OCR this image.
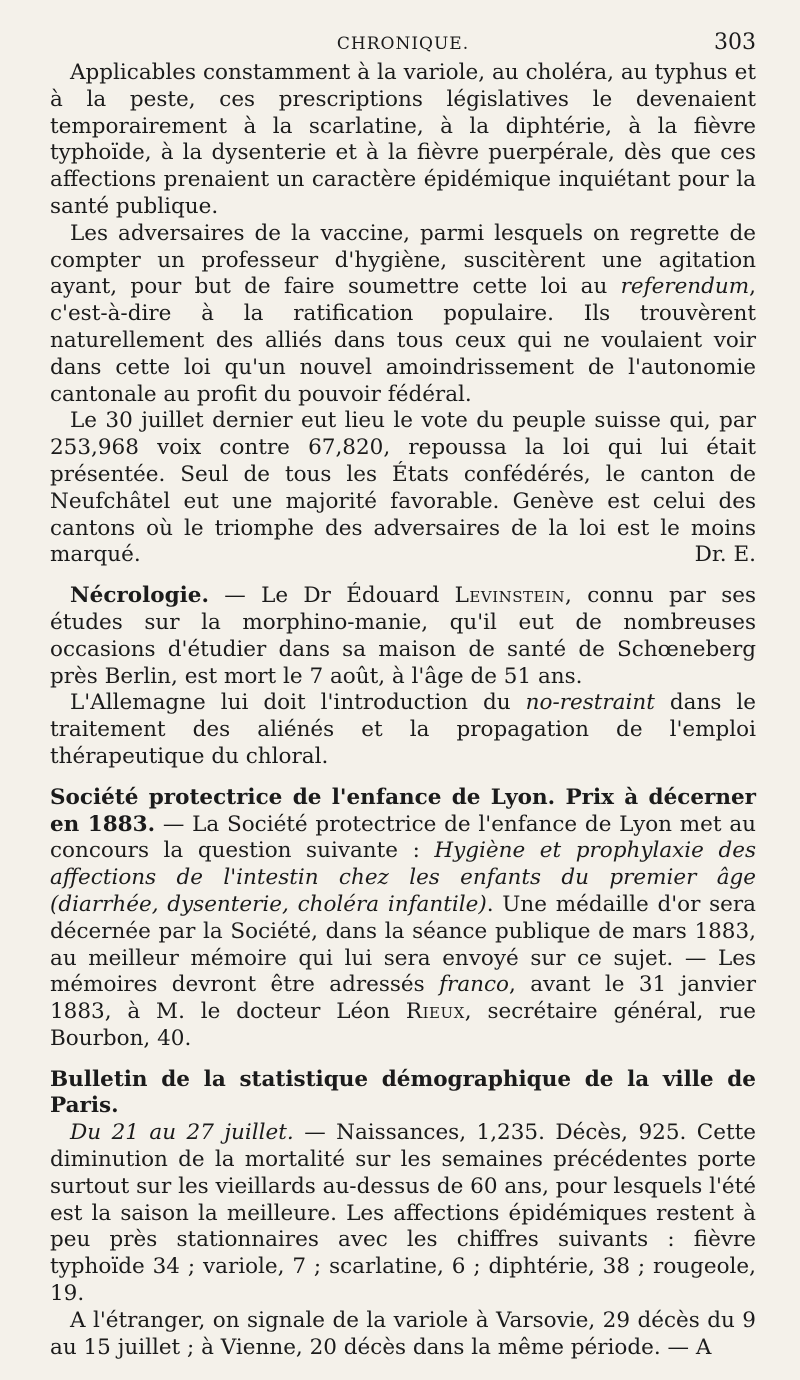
CHRONIQUE.	303

Applicables constamment à la variole, au choléra, au typhus et à la peste, ces prescriptions législatives le devenaient temporairement à la scarlatine, à la diphtérie, à la fièvre typhoïde, à la dysenterie et à la fièvre puerpérale, dès que ces affections prenaient un caractère épidémique inquiétant pour la santé publique.

Les adversaires de la vaccine, parmi lesquels on regrette de compter un professeur d'hygiène, suscitèrent une agitation ayant, pour but de faire soumettre cette loi au referendum, c'est-à-dire à la ratification populaire. Ils trouvèrent naturellement des alliés dans tous ceux qui ne voulaient voir dans cette loi qu'un nouvel amoindrissement de l'autonomie cantonale au profit du pouvoir fédéral.

Le 30 juillet dernier eut lieu le vote du peuple suisse qui, par 253,968 voix contre 67,820, repoussa la loi qui lui était présentée. Seul de tous les États confédérés, le canton de Neufchâtel eut une majorité favorable. Genève est celui des cantons où le triomphe des adversaires de la loi est le moins marqué.	Dr. E.

Nécrologie. — Le Dr Édouard Levinstein, connu par ses études sur la morphino-manie, qu'il eut de nombreuses occasions d'étudier dans sa maison de santé de Schœneberg près Berlin, est mort le 7 août, à l'âge de 51 ans.

L'Allemagne lui doit l'introduction du no-restraint dans le traitement des aliénés et la propagation de l'emploi thérapeutique du chloral.

Société protectrice de l'enfance de Lyon. Prix à décerner en 1883. — La Société protectrice de l'enfance de Lyon met au concours la question suivante : Hygiène et prophylaxie des affections de l'intestin chez les enfants du premier âge (diarrhée, dysenterie, choléra infantile). Une médaille d'or sera décernée par la Société, dans la séance publique de mars 1883, au meilleur mémoire qui lui sera envoyé sur ce sujet. — Les mémoires devront être adressés franco, avant le 31 janvier 1883, à M. le docteur Léon Rieux, secrétaire général, rue Bourbon, 40.

Bulletin de la statistique démographique de la ville de Paris.

Du 21 au 27 juillet. — Naissances, 1,235. Décès, 925. Cette diminution de la mortalité sur les semaines précédentes porte surtout sur les vieillards au-dessus de 60 ans, pour lesquels l'été est la saison la meilleure. Les affections épidémiques restent à peu près stationnaires avec les chiffres suivants : fièvre typhoïde 34 ; variole, 7 ; scarlatine, 6 ; diphtérie, 38 ; rougeole, 19.

A l'étranger, on signale de la variole à Varsovie, 29 décès du 9 au 15 juillet ; à Vienne, 20 décès dans la même période. — A
